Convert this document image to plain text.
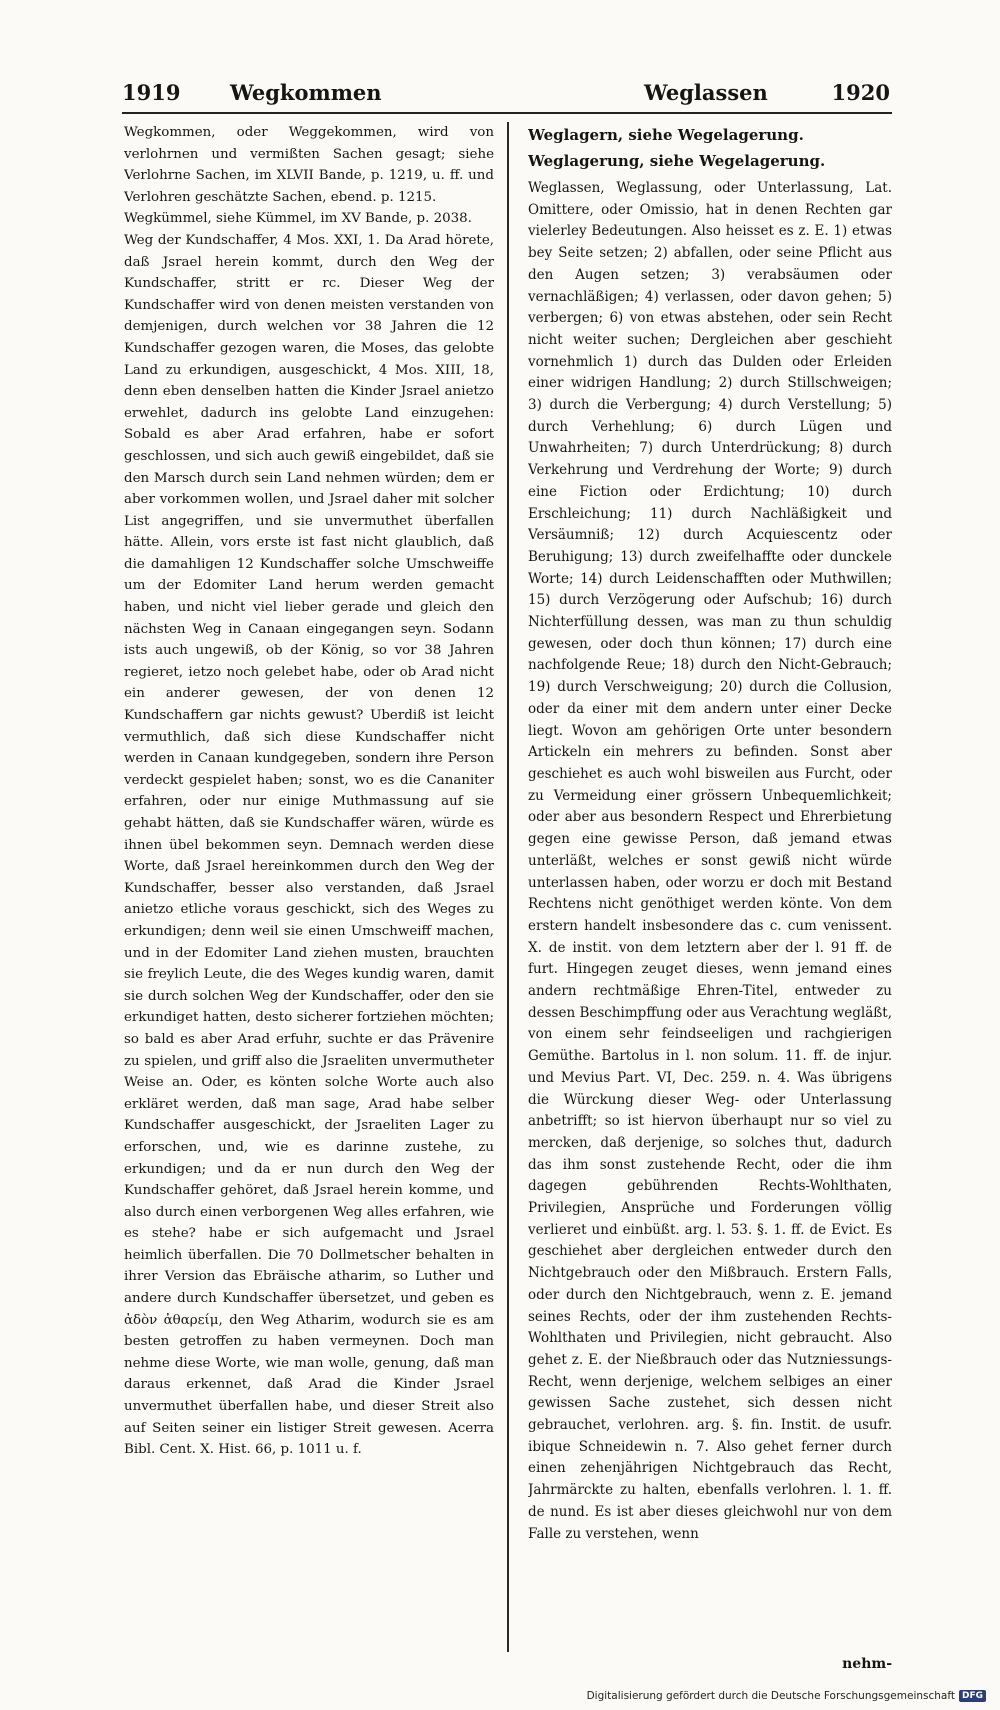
1919 Wegkommen	Weglassen	1920

Wegkommen, oder Weggekommen, wird von verlohrnen und vermißten Sachen gesagt; siehe Verlohrne Sachen, im XLVII Bande, p. 1219, u. ff. und Verlohren geschätzte Sachen, ebend. p. 1215.

Wegkümmel, siehe Kümmel, im XV Bande, p. 2038.

Weg der Kundschaffer, 4 Mos. XXI, 1. Da Arad hörete, daß Jsrael herein kommt, durch den Weg der Kundschaffer, stritt er rc. Dieser Weg der Kundschaffer wird von denen meisten verstanden von demjenigen, durch welchen vor 38 Jahren die 12 Kundschaffer gezogen waren, die Moses, das gelobte Land zu erkundigen, ausgeschickt, 4 Mos. XIII, 18, denn eben denselben hatten die Kinder Jsrael anietzo erwehlet, dadurch ins gelobte Land einzugehen: Sobald es aber Arad erfahren, habe er sofort geschlossen, und sich auch gewiß eingebildet, daß sie den Marsch durch sein Land nehmen würden; dem er aber vorkommen wollen, und Jsrael daher mit solcher List angegriffen, und sie unvermuthet überfallen hätte. Allein, vors erste ist fast nicht glaublich, daß die damahligen 12 Kundschaffer solche Umschweiffe um der Edomiter Land herum werden gemacht haben, und nicht viel lieber gerade und gleich den nächsten Weg in Canaan eingegangen seyn. Sodann ists auch ungewiß, ob der König, so vor 38 Jahren regieret, ietzo noch gelebet habe, oder ob Arad nicht ein anderer gewesen, der von denen 12 Kundschaffern gar nichts gewust? Uberdiß ist leicht vermuthlich, daß sich diese Kundschaffer nicht werden in Canaan kundgegeben, sondern ihre Person verdeckt gespielet haben; sonst, wo es die Cananiter erfahren, oder nur einige Muthmassung auf sie gehabt hätten, daß sie Kundschaffer wären, würde es ihnen übel bekommen seyn. Demnach werden diese Worte, daß Jsrael hereinkommen durch den Weg der Kundschaffer, besser also verstanden, daß Jsrael anietzo etliche voraus geschickt, sich des Weges zu erkundigen; denn weil sie einen Umschweiff machen, und in der Edomiter Land ziehen musten, brauchten sie freylich Leute, die des Weges kundig waren, damit sie durch solchen Weg der Kundschaffer, oder den sie erkundiget hatten, desto sicherer fortziehen möchten; so bald es aber Arad erfuhr, suchte er das Prävenire zu spielen, und griff also die Jsraeliten unvermutheter Weise an. Oder, es könten solche Worte auch also erkläret werden, daß man sage, Arad habe selber Kundschaffer ausgeschickt, der Jsraeliten Lager zu erforschen, und, wie es darinne zustehe, zu erkundigen; und da er nun durch den Weg der Kundschaffer gehöret, daß Jsrael herein komme, und also durch einen verborgenen Weg alles erfahren, wie es stehe? habe er sich aufgemacht und Jsrael heimlich überfallen. Die 70 Dollmetscher behalten in ihrer Version das Ebräische atharim, so Luther und andere durch Kundschaffer übersetzet, und geben es ἀδὸν ἀθαρείμ, den Weg Atharim, wodurch sie es am besten getroffen zu haben vermeynen. Doch man nehme diese Worte, wie man wolle, genung, daß man daraus erkennet, daß Arad die Kinder Jsrael unvermuthet überfallen habe, und dieser Streit also auf Seiten seiner ein listiger Streit gewesen. Acerra Bibl. Cent. X. Hist. 66, p. 1011 u. f.

Weglagern, siehe Wegelagerung.

Weglagerung, siehe Wegelagerung.

Weglassen, Weglassung, oder Unterlassung, Lat. Omittere, oder Omissio, hat in denen Rechten gar vielerley Bedeutungen. Also heisset es z. E. 1) etwas bey Seite setzen; 2) abfallen, oder seine Pflicht aus den Augen setzen; 3) verabsäumen oder vernachläßigen; 4) verlassen, oder davon gehen; 5) verbergen; 6) von etwas abstehen, oder sein Recht nicht weiter suchen; Dergleichen aber geschieht vornehmlich 1) durch das Dulden oder Erleiden einer widrigen Handlung; 2) durch Stillschweigen; 3) durch die Verbergung; 4) durch Verstellung; 5) durch Verhehlung; 6) durch Lügen und Unwahrheiten; 7) durch Unterdrückung; 8) durch Verkehrung und Verdrehung der Worte; 9) durch eine Fiction oder Erdichtung; 10) durch Erschleichung; 11) durch Nachläßigkeit und Versäumniß; 12) durch Acquiescentz oder Beruhigung; 13) durch zweifelhaffte oder dunckele Worte; 14) durch Leidenschafften oder Muthwillen; 15) durch Verzögerung oder Aufschub; 16) durch Nichterfüllung dessen, was man zu thun schuldig gewesen, oder doch thun können; 17) durch eine nachfolgende Reue; 18) durch den Nicht-Gebrauch; 19) durch Verschweigung; 20) durch die Collusion, oder da einer mit dem andern unter einer Decke liegt. Wovon am gehörigen Orte unter besondern Artickeln ein mehrers zu befinden. Sonst aber geschiehet es auch wohl bisweilen aus Furcht, oder zu Vermeidung einer grössern Unbequemlichkeit; oder aber aus besondern Respect und Ehrerbietung gegen eine gewisse Person, daß jemand etwas unterläßt, welches er sonst gewiß nicht würde unterlassen haben, oder worzu er doch mit Bestand Rechtens nicht genöthiget werden könte. Von dem erstern handelt insbesondere das c. cum venissent. X. de instit. von dem letztern aber der l. 91 ff. de furt. Hingegen zeuget dieses, wenn jemand eines andern rechtmäßige Ehren-Titel, entweder zu dessen Beschimpffung oder aus Verachtung wegläßt, von einem sehr feindseeligen und rachgierigen Gemüthe. Bartolus in l. non solum. 11. ff. de injur. und Mevius Part. VI, Dec. 259. n. 4. Was übrigens die Würckung dieser Weg- oder Unterlassung anbetrifft; so ist hiervon überhaupt nur so viel zu mercken, daß derjenige, so solches thut, dadurch das ihm sonst zustehende Recht, oder die ihm dagegen gebührenden Rechts-Wohlthaten, Privilegien, Ansprüche und Forderungen völlig verlieret und einbüßt. arg. l. 53. §. 1. ff. de Evict. Es geschiehet aber dergleichen entweder durch den Nichtgebrauch oder den Mißbrauch. Erstern Falls, oder durch den Nichtgebrauch, wenn z. E. jemand seines Rechts, oder der ihm zustehenden Rechts-Wohlthaten und Privilegien, nicht gebraucht. Also gehet z. E. der Nießbrauch oder das Nutzniessungs-Recht, wenn derjenige, welchem selbiges an einer gewissen Sache zustehet, sich dessen nicht gebrauchet, verlohren. arg. §. fin. Instit. de usufr. ibique Schneidewin n. 7. Also gehet ferner durch einen zehenjährigen Nichtgebrauch das Recht, Jahrmärckte zu halten, ebenfalls verlohren. l. 1. ff. de nund. Es ist aber dieses gleichwohl nur von dem Falle zu verstehen, wenn

nehm-
Digitalisierung gefördert durch die Deutsche Forschungsgemeinschaft DFG
